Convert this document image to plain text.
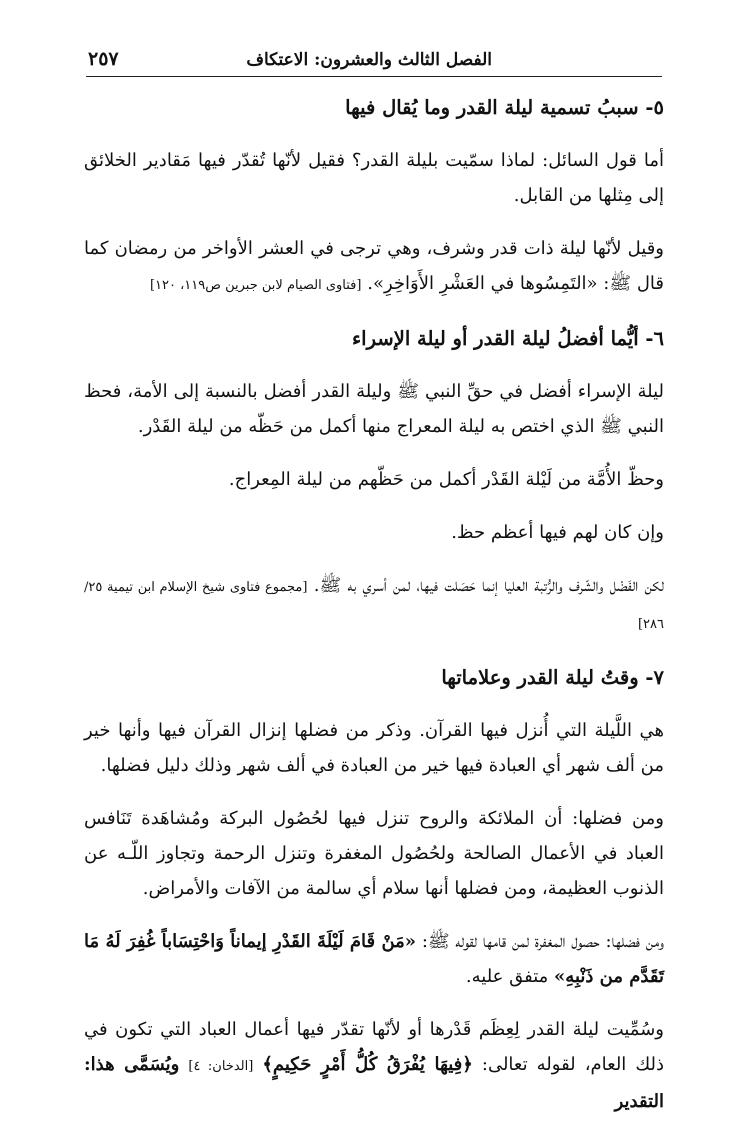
الفصل الثالث والعشرون: الاعتكاف
٢٥٧
٥- سببُ تسمية ليلة القدر وما يُقال فيها

أما قول السائل: لماذا سمّيت بليلة القدر؟ فقيل لأنّها تُقدّر فيها مَقادير الخلائق إلى مِثلها من القابل.

وقيل لأنّها ليلة ذات قدر وشرف، وهي ترجى في العشر الأواخر من رمضان كما قال ﷺ: «التَمِسُوها في العَشْرِ الأَوَاخِرِ». [فتاوى الصيام لابن جبرين ص١١٩، ١٢٠]

٦- أيُّما أفضلُ ليلة القدر أو ليلة الإسراء

ليلة الإسراء أفضل في حقِّ النبي ﷺ وليلة القدر أفضل بالنسبة إلى الأمة، فحظ النبي ﷺ الذي اختص به ليلة المعراج منها أكمل من حَظّه من ليلة القَدْر.

وحظّ الأُمَّة من لَيْلة القَدْر أكمل من حَظّهم من ليلة المِعراج.

وإن كان لهم فيها أعظم حظ.

لكن الفَضْل والشّرف والرُّتبة العليا إنما حَصَلت فيها، لمن أسري به ﷺ. [مجموع فتاوى شيخ الإسلام ابن تيمية ٢٥/ ٢٨٦]

٧- وقتُ ليلة القدر وعلاماتها

هي اللَّيلة التي أُنزل فيها القرآن. وذكر من فضلها إنزال القرآن فيها وأنها خير من ألف شهر أي العبادة فيها خير من العبادة في ألف شهر وذلك دليل فضلها.

ومن فضلها: أن الملائكة والروح تنزل فيها لحُصُول البركة ومُشاهَدة تَنَافس العباد في الأعمال الصالحة ولحُصُول المغفرة وتنزل الرحمة وتجاوز اللّـه عن الذنوب العظيمة، ومن فضلها أنها سلام أي سالمة من الآفات والأمراض.

ومن فضلها: حصول المغفرة لمن قامها لقوله ﷺ: «مَنْ قَامَ لَيْلَةَ القَدْرِ إيماناً وَاحْتِسَاباً غُفِرَ لَهُ مَا تَقَدَّم من ذَنْبِهِ» متفق عليه.

وسُمِّيت ليلة القدر لِعِظَم قَدْرها أو لأنّها تقدّر فيها أعمال العباد التي تكون في ذلك العام، لقوله تعالى: ﴿فِيهَا يُفْرَقُ كُلُّ أَمْرٍ حَكِيمٍ﴾ [الدخان: ٤] ويُسَمَّى هذا: التقدير
